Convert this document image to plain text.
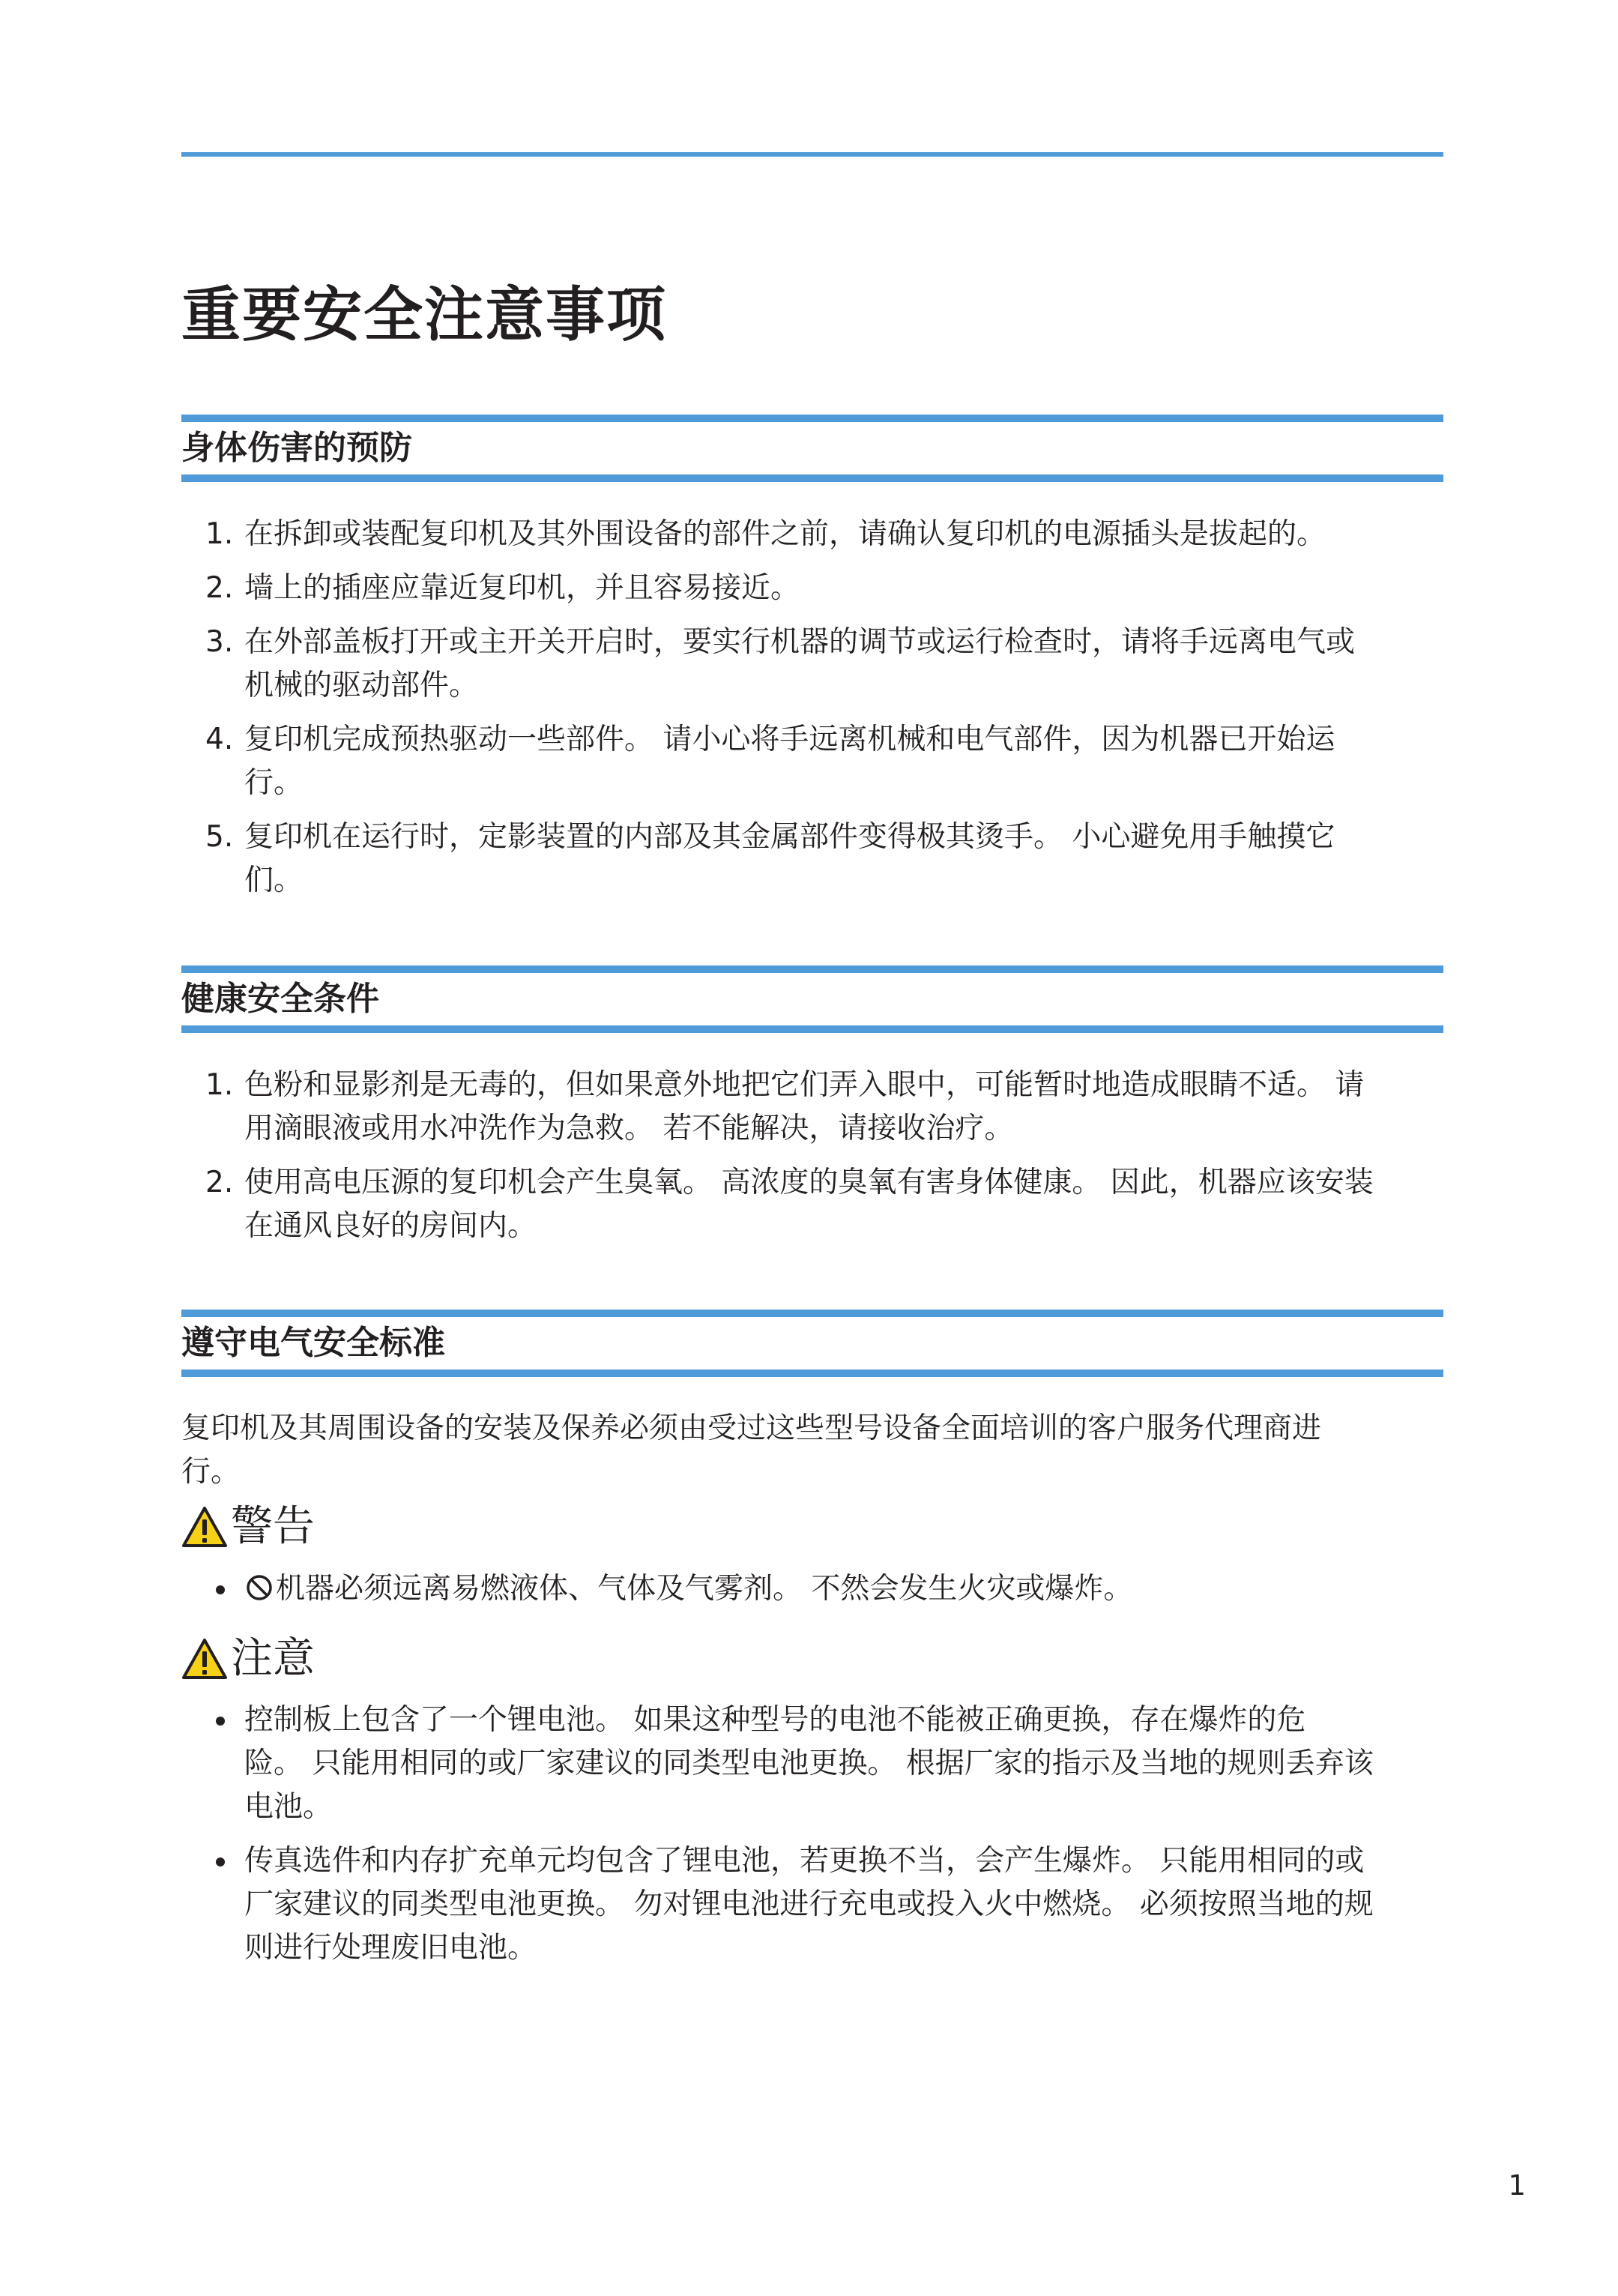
重要安全注意事项
身体伤害的预防
1. 在拆卸或装配复印机及其外围设备的部件之前，请确认复印机的电源插头是拔起的。
2. 墙上的插座应靠近复印机，并且容易接近。
3. 在外部盖板打开或主开关开启时，要实行机器的调节或运行检查时，请将手远离电气或
机械的驱动部件。
4. 复印机完成预热驱动一些部件。 请小心将手远离机械和电气部件，因为机器已开始运
行。
5. 复印机在运行时，定影装置的内部及其金属部件变得极其烫手。 小心避免用手触摸它
们。
健康安全条件
1. 色粉和显影剂是无毒的，但如果意外地把它们弄入眼中，可能暂时地造成眼睛不适。 请
用滴眼液或用水冲洗作为急救。 若不能解决，请接收治疗。
2. 使用高电压源的复印机会产生臭氧。 高浓度的臭氧有害身体健康。 因此，机器应该安装
在通风良好的房间内。
遵守电气安全标准

复印机及其周围设备的安装及保养必须由受过这些型号设备全面培训的客户服务代理商进
行。

警告
机器必须远离易燃液体、气体及气雾剂。 不然会发生火灾或爆炸。
注意
控制板上包含了一个锂电池。 如果这种型号的电池不能被正确更换，存在爆炸的危
险。 只能用相同的或厂家建议的同类型电池更换。 根据厂家的指示及当地的规则丢弃该
电池。
传真选件和内存扩充单元均包含了锂电池，若更换不当，会产生爆炸。 只能用相同的或
厂家建议的同类型电池更换。 勿对锂电池进行充电或投入火中燃烧。 必须按照当地的规
则进行处理废旧电池。
1
